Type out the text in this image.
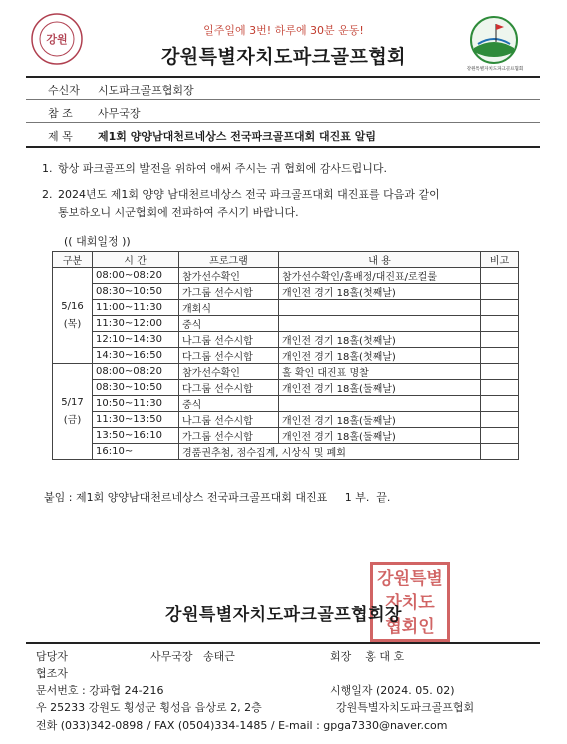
일주일에 3번! 하루에 30분 운동!
강원특별자치도파크골프협회
강원
강원특별자치도파크골프협회
수신자 시도파크골프협회장
참 조 사무국장
제 목 제1회 양양남대천르네상스 전국파크골프대회 대진표 알림
1. 항상 파크골프의 발전을 위하여 애써 주시는 귀 협회에 감사드립니다.
2. 2024년도 제1회 양양 남대천르네상스 전국 파크골프대회 대진표를 다음과 같이
통보하오니 시군협회에 전파하여 주시기 바랍니다.
(( 대회일정 ))
구분	시 간	프로그램	내 용	비고
5/16
(목)	08:00~08:20	참가선수확인	참가선수확인/홀배정/대진표/로컬룰	
	08:30~10:50	가그룹 선수시합	개인전 경기 18홀(첫째날)	
	11:00~11:30	개회식		
	11:30~12:00	중식		
	12:10~14:30	나그룹 선수시합	개인전 경기 18홀(첫째날)	
	14:30~16:50	다그룹 선수시합	개인전 경기 18홀(첫째날)	
5/17
(금)	08:00~08:20	참가선수확인	홀 확인 대진표 명찰	
	08:30~10:50	다그룹 선수시합	개인전 경기 18홀(둘째날)	
	10:50~11:30	중식		
	11:30~13:50	나그룹 선수시합	개인전 경기 18홀(둘째날)	
	13:50~16:10	가그룹 선수시합	개인전 경기 18홀(둘째날)	
	16:10~	경품권추첨, 점수집계, 시상식 및 폐회		
붙임 : 제1회 양양남대천르네상스 전국파크골프대회 대진표     1 부.  끝.
강원특별
자치도
협회인
강원특별자치도파크골프협회장
담당자	사무국장   송태근	회장    홍 대 호
협조자
문서번호 : 강파협 24-216	시행일자 (2024. 05. 02)
우 25233 강원도 횡성군 횡성읍 읍상로 2, 2층	강원특별자치도파크골프협회
전화 (033)342-0898 / FAX (0504)334-1485 / E-mail : gpga7330@naver.com
